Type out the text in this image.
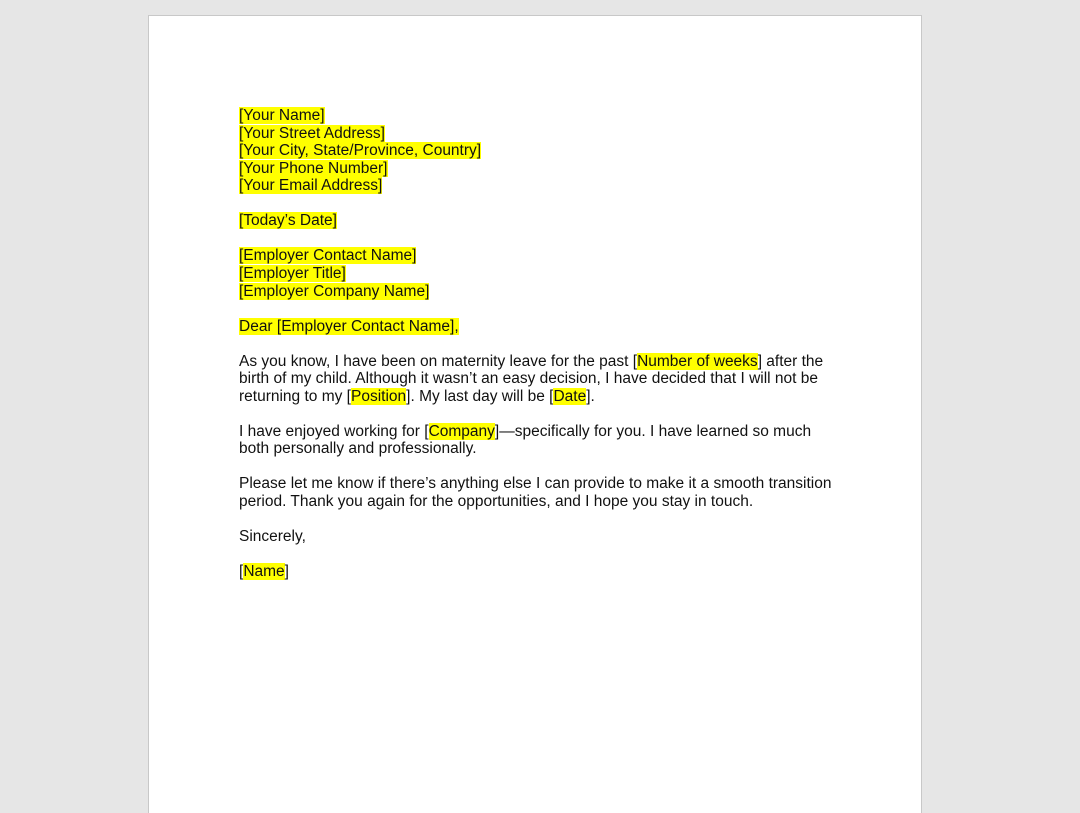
[Your Name]
[Your Street Address]
[Your City, State/Province, Country]
[Your Phone Number]
[Your Email Address]
[Today’s Date]
[Employer Contact Name]
[Employer Title]
[Employer Company Name]
Dear [Employer Contact Name],
As you know, I have been on maternity leave for the past [Number of weeks] after the
birth of my child. Although it wasn’t an easy decision, I have decided that I will not be
returning to my [Position]. My last day will be [Date].
I have enjoyed working for [Company]—specifically for you. I have learned so much
both personally and professionally.
Please let me know if there’s anything else I can provide to make it a smooth transition
period. Thank you again for the opportunities, and I hope you stay in touch.
Sincerely,
[Name]
